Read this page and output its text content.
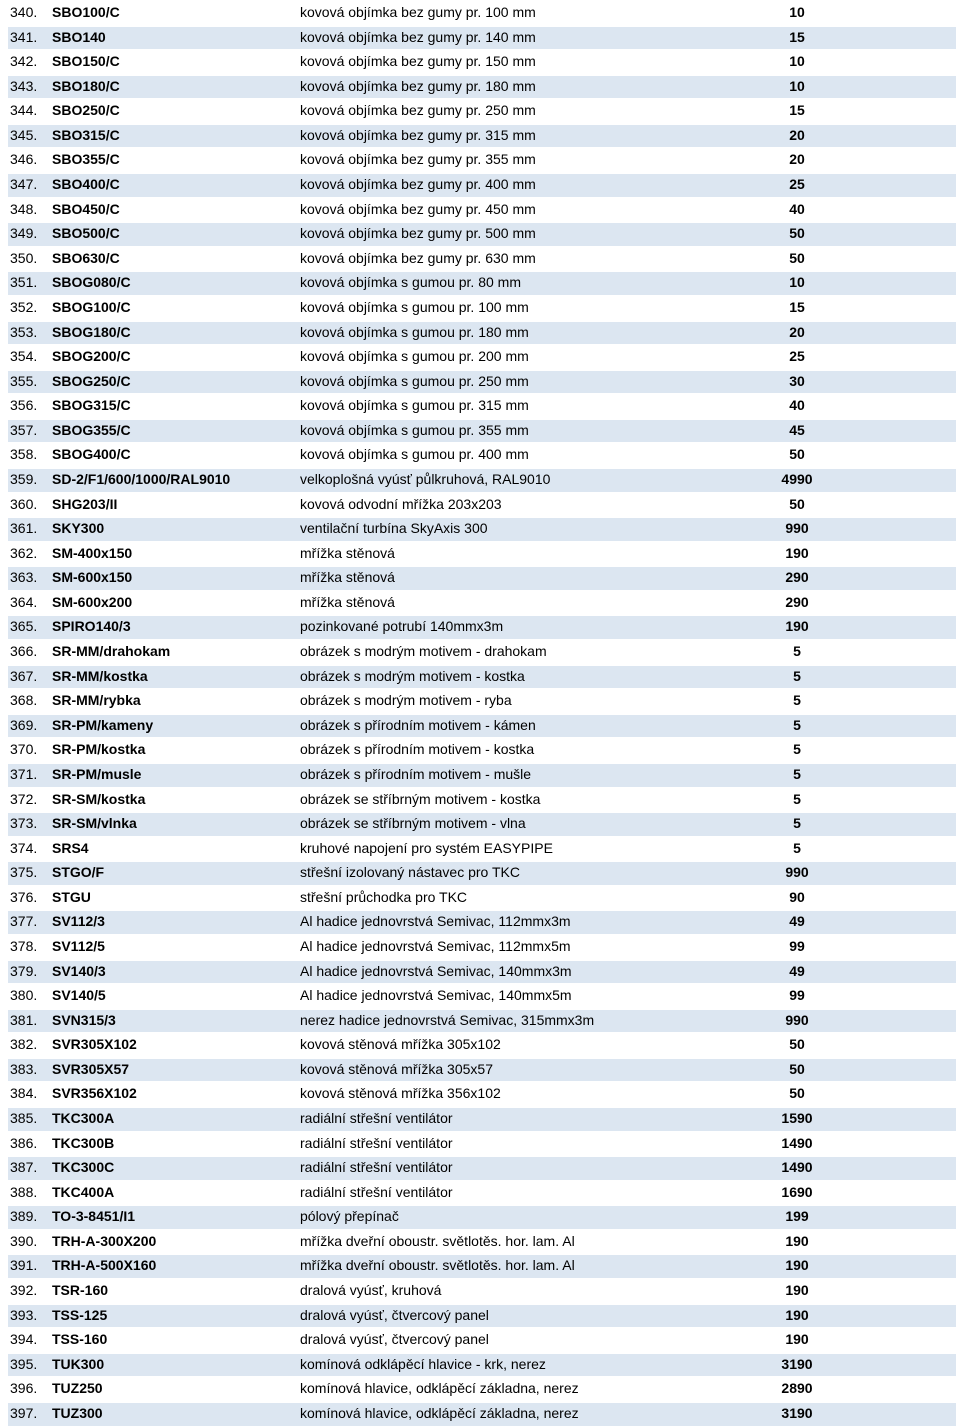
340.	SBO100/C	kovová objímka bez gumy pr. 100 mm	10
341.	SBO140	kovová objímka bez gumy pr. 140 mm	15
342.	SBO150/C	kovová objímka bez gumy pr. 150 mm	10
343.	SBO180/C	kovová objímka bez gumy pr. 180 mm	10
344.	SBO250/C	kovová objímka bez gumy pr. 250 mm	15
345.	SBO315/C	kovová objímka bez gumy pr. 315 mm	20
346.	SBO355/C	kovová objímka bez gumy pr. 355 mm	20
347.	SBO400/C	kovová objímka bez gumy pr. 400 mm	25
348.	SBO450/C	kovová objímka bez gumy pr. 450 mm	40
349.	SBO500/C	kovová objímka bez gumy pr. 500 mm	50
350.	SBO630/C	kovová objímka bez gumy pr. 630 mm	50
351.	SBOG080/C	kovová objímka s gumou pr. 80 mm	10
352.	SBOG100/C	kovová objímka s gumou pr. 100 mm	15
353.	SBOG180/C	kovová objímka s gumou pr. 180 mm	20
354.	SBOG200/C	kovová objímka s gumou pr. 200 mm	25
355.	SBOG250/C	kovová objímka s gumou pr. 250 mm	30
356.	SBOG315/C	kovová objímka s gumou pr. 315 mm	40
357.	SBOG355/C	kovová objímka s gumou pr. 355 mm	45
358.	SBOG400/C	kovová objímka s gumou pr. 400 mm	50
359.	SD-2/F1/600/1000/RAL9010	velkoplošná vyúsť půlkruhová, RAL9010	4990
360.	SHG203/II	kovová odvodní mřížka 203x203	50
361.	SKY300	ventilační turbína SkyAxis 300	990
362.	SM-400x150	mřížka stěnová	190
363.	SM-600x150	mřížka stěnová	290
364.	SM-600x200	mřížka stěnová	290
365.	SPIRO140/3	pozinkované potrubí 140mmx3m	190
366.	SR-MM/drahokam	obrázek s modrým motivem - drahokam	5
367.	SR-MM/kostka	obrázek s modrým motivem - kostka	5
368.	SR-MM/rybka	obrázek s modrým motivem - ryba	5
369.	SR-PM/kameny	obrázek s přírodním motivem - kámen	5
370.	SR-PM/kostka	obrázek s přírodním motivem - kostka	5
371.	SR-PM/musle	obrázek s přírodním motivem - mušle	5
372.	SR-SM/kostka	obrázek se stříbrným motivem - kostka	5
373.	SR-SM/vlnka	obrázek se stříbrným motivem - vlna	5
374.	SRS4	kruhové napojení pro systém EASYPIPE	5
375.	STGO/F	střešní izolovaný nástavec pro TKC	990
376.	STGU	střešní průchodka pro TKC	90
377.	SV112/3	Al hadice jednovrstvá Semivac, 112mmx3m	49
378.	SV112/5	Al hadice jednovrstvá Semivac, 112mmx5m	99
379.	SV140/3	Al hadice jednovrstvá Semivac, 140mmx3m	49
380.	SV140/5	Al hadice jednovrstvá Semivac, 140mmx5m	99
381.	SVN315/3	nerez hadice jednovrstvá Semivac, 315mmx3m	990
382.	SVR305X102	kovová stěnová mřížka 305x102	50
383.	SVR305X57	kovová stěnová mřížka 305x57	50
384.	SVR356X102	kovová stěnová mřížka 356x102	50
385.	TKC300A	radiální střešní ventilátor	1590
386.	TKC300B	radiální střešní ventilátor	1490
387.	TKC300C	radiální střešní ventilátor	1490
388.	TKC400A	radiální střešní ventilátor	1690
389.	TO-3-8451/I1	pólový přepínač	199
390.	TRH-A-300X200	mřížka dveřní oboustr. světlotěs. hor. lam. Al	190
391.	TRH-A-500X160	mřížka dveřní oboustr. světlotěs. hor. lam. Al	190
392.	TSR-160	dralová vyúsť, kruhová	190
393.	TSS-125	dralová vyúsť, čtvercový panel	190
394.	TSS-160	dralová vyúsť, čtvercový panel	190
395.	TUK300	komínová odklápěcí hlavice - krk, nerez	3190
396.	TUZ250	komínová hlavice, odklápěcí základna, nerez	2890
397.	TUZ300	komínová hlavice, odklápěcí základna, nerez	3190
